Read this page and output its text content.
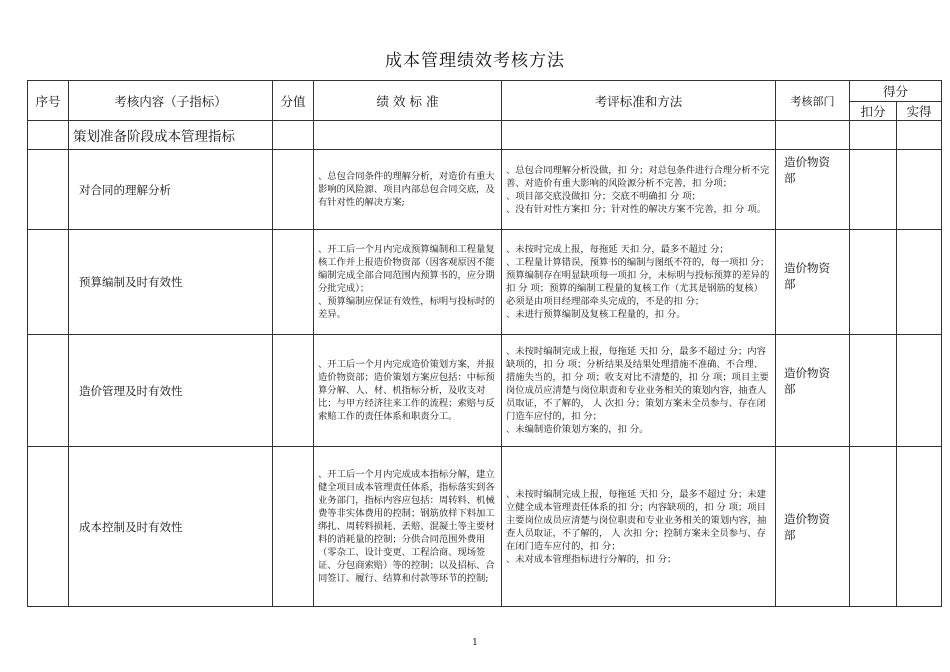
成本管理绩效考核方法
序号	考核内容（子指标）	分值	绩 效 标 准	考评标准和方法	考核部门	得分	
						扣分	实得
	策划准备阶段成本管理指标						
	对合同的理解分析		、总包合同条件的理解分析，对造价有重大影响的风险源、项目内部总包合同交底，及有针对性的解决方案;	、总包合同理解分析没做，扣 分；对总包条件进行合理分析不完善、对造价有重大影响的风险源分析不完善，扣 分项；
、项目部交底没做扣 分；交底不明确扣 分 项；
、没有针对性方案扣 分；针对性的解决方案不完善，扣 分 项。	造价物资部		
	预算编制及时有效性		、开工后一个月内完成预算编制和工程量复核工作并上报造价物资部（因客观原因不能编制完成全部合同范围内预算书的，应分期分批完成）；
、预算编制应保证有效性，标明与投标时的差异。	、未按时完成上报，每拖延 天扣 分，最多不超过 分；
、工程量计算错误，预算书的编制与图纸不符的，每一项扣 分；预算编制存在明显缺项每一项扣 分，未标明与投标预算的差异的扣 分 项；预算的编制工程量的复核工作（尤其是钢筋的复核）必须是由项目经理部牵头完成的，不是的扣 分；
、未进行预算编制及复核工程量的，扣 分。	造价物资部		
	造价管理及时有效性		、开工后一个月内完成造价策划方案，并报造价物资部；造价策划方案应包括：中标预算分解、人、材、机指标分析，及收支对比；与甲方经济往来工作的流程；索赔与反索赔工作的责任体系和职责分工。	、未按时编制完成上报，每拖延 天扣 分，最多不超过 分；内容缺项的，扣 分 项；分析结果及结果处理措施不准确、不合理、措施失当的，扣 分 项；收支对比不清楚的，扣 分 项；项目主要岗位成员应清楚与岗位职责和专业业务相关的策划内容，抽查人员取证，不了解的， 人 次扣 分；策划方案未全员参与、存在闭门造车应付的，扣 分；
、未编制造价策划方案的，扣 分。	造价物资部		
	成本控制及时有效性		、开工后一个月内完成成本指标分解，建立健全项目成本管理责任体系，指标落实到各业务部门，指标内容应包括：周转料、机械费等非实体费用的控制；钢筋放样下料加工绑扎、周转料损耗、丢赔、混凝土等主要材料的消耗量的控制；分供合同范围外费用（零杂工、设计变更、工程洽商、现场签证、分包商索赔）等的控制；以及招标、合同签订、履行、结算和付款等环节的控制;	、未按时编制完成上报，每拖延 天扣 分，最多不超过 分；未建立健全成本管理责任体系的扣 分；内容缺项的，扣 分 项；项目主要岗位成员应清楚与岗位职责和专业业务相关的策划内容，抽查人员取证，不了解的， 人 次扣 分；控制方案未全员参与、存在闭门造车应付的，扣 分；
、未对成本管理指标进行分解的，扣 分；	造价物资部		
1
